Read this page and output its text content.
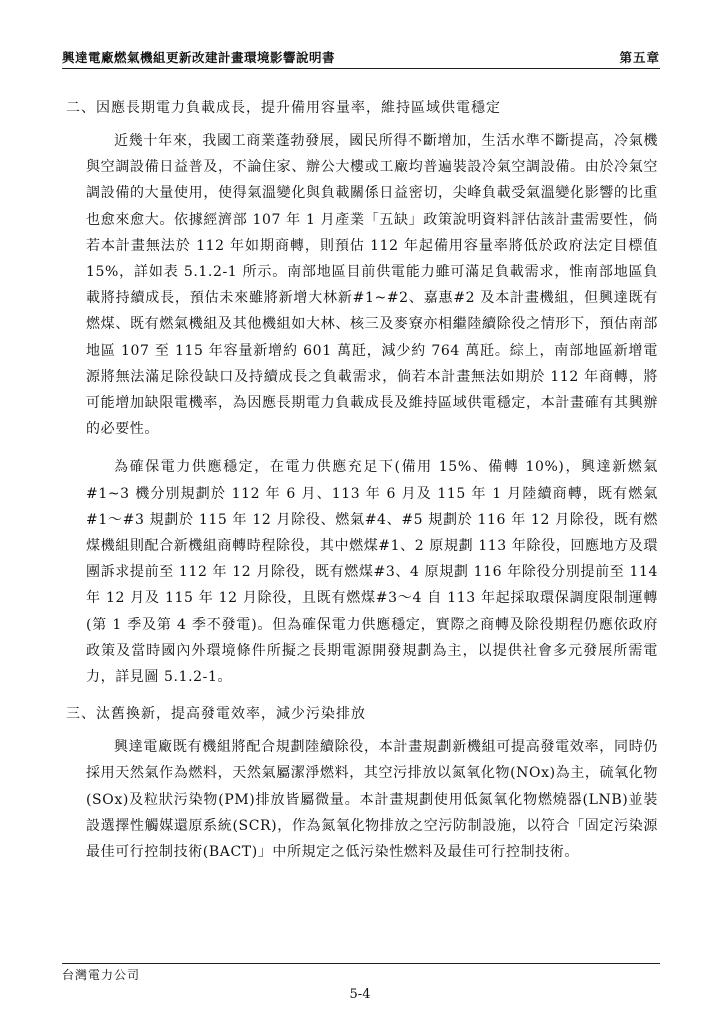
興達電廠燃氣機組更新改建計畫環境影響說明書	第五章
二、因應長期電力負載成長，提升備用容量率，維持區域供電穩定

近幾十年來，我國工商業蓬勃發展，國民所得不斷增加，生活水準不斷提高，冷氣機與空調設備日益普及，不論住家、辦公大樓或工廠均普遍裝設冷氣空調設備。由於冷氣空調設備的大量使用，使得氣溫變化與負載關係日益密切，尖峰負載受氣溫變化影響的比重也愈來愈大。依據經濟部 107 年 1 月產業「五缺」政策說明資料評估該計畫需要性，倘若本計畫無法於 112 年如期商轉，則預估 112 年起備用容量率將低於政府法定目標值 15%，詳如表 5.1.2-1 所示。南部地區目前供電能力雖可滿足負載需求，惟南部地區負載將持續成長，預估未來雖將新增大林新#1~#2、嘉惠#2 及本計畫機組，但興達既有燃煤、既有燃氣機組及其他機組如大林、核三及麥寮亦相繼陸續除役之情形下，預估南部地區 107 至 115 年容量新增約 601 萬瓩，減少約 764 萬瓩。綜上，南部地區新增電源將無法滿足除役缺口及持續成長之負載需求，倘若本計畫無法如期於 112 年商轉，將可能增加缺限電機率，為因應長期電力負載成長及維持區域供電穩定，本計畫確有其興辦的必要性。

為確保電力供應穩定，在電力供應充足下(備用 15%、備轉 10%)，興達新燃氣#1~3 機分別規劃於 112 年 6 月、113 年 6 月及 115 年 1 月陸續商轉，既有燃氣#1～#3 規劃於 115 年 12 月除役、燃氣#4、#5 規劃於 116 年 12 月除役，既有燃煤機組則配合新機組商轉時程除役，其中燃煤#1、2 原規劃 113 年除役，回應地方及環團訴求提前至 112 年 12 月除役，既有燃煤#3、4 原規劃 116 年除役分別提前至 114 年 12 月及 115 年 12 月除役，且既有燃煤#3～4 自 113 年起採取環保調度限制運轉(第 1 季及第 4 季不發電)。但為確保電力供應穩定，實際之商轉及除役期程仍應依政府政策及當時國內外環境條件所擬之長期電源開發規劃為主，以提供社會多元發展所需電力，詳見圖 5.1.2-1。

三、汰舊換新，提高發電效率，減少污染排放

興達電廠既有機組將配合規劃陸續除役，本計畫規劃新機組可提高發電效率，同時仍採用天然氣作為燃料，天然氣屬潔淨燃料，其空污排放以氮氧化物(NOx)為主，硫氧化物(SOx)及粒狀污染物(PM)排放皆屬微量。本計畫規劃使用低氮氧化物燃燒器(LNB)並裝設選擇性觸媒還原系統(SCR)，作為氮氧化物排放之空污防制設施，以符合「固定污染源最佳可行控制技術(BACT)」中所規定之低污染性燃料及最佳可行控制技術。

台灣電力公司
5-4
